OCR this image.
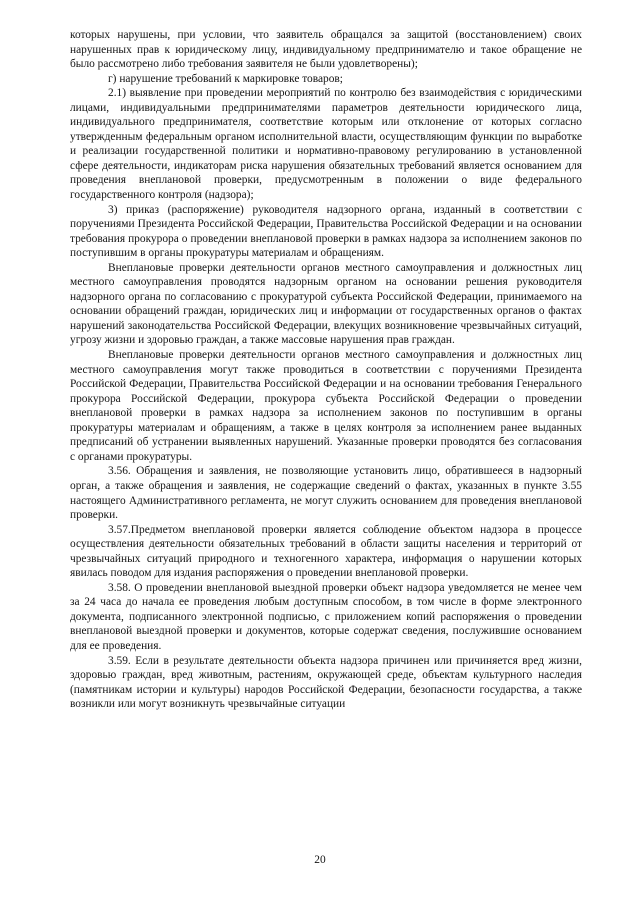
которых нарушены, при условии, что заявитель обращался за защитой (восстановлением) своих нарушенных прав к юридическому лицу, индивидуальному предпринимателю и такое обращение не было рассмотрено либо требования заявителя не были удовлетворены);

г) нарушение требований к маркировке товаров;

2.1) выявление при проведении мероприятий по контролю без взаимодействия с юридическими лицами, индивидуальными предпринимателями параметров деятельности юридического лица, индивидуального предпринимателя, соответствие которым или отклонение от которых согласно утвержденным федеральным органом исполнительной власти, осуществляющим функции по выработке и реализации государственной политики и нормативно-правовому регулированию в установленной сфере деятельности, индикаторам риска нарушения обязательных требований является основанием для проведения внеплановой проверки, предусмотренным в положении о виде федерального государственного контроля (надзора);

3) приказ (распоряжение) руководителя надзорного органа, изданный в соответствии с поручениями Президента Российской Федерации, Правительства Российской Федерации и на основании требования прокурора о проведении внеплановой проверки в рамках надзора за исполнением законов по поступившим в органы прокуратуры материалам и обращениям.

Внеплановые проверки деятельности органов местного самоуправления и должностных лиц местного самоуправления проводятся надзорным органом на основании решения руководителя надзорного органа по согласованию с прокуратурой субъекта Российской Федерации, принимаемого на основании обращений граждан, юридических лиц и информации от государственных органов о фактах нарушений законодательства Российской Федерации, влекущих возникновение чрезвычайных ситуаций, угрозу жизни и здоровью граждан, а также массовые нарушения прав граждан.

Внеплановые проверки деятельности органов местного самоуправления и должностных лиц местного самоуправления могут также проводиться в соответствии с поручениями Президента Российской Федерации, Правительства Российской Федерации и на основании требования Генерального прокурора Российской Федерации, прокурора субъекта Российской Федерации о проведении внеплановой проверки в рамках надзора за исполнением законов по поступившим в органы прокуратуры материалам и обращениям, а также в целях контроля за исполнением ранее выданных предписаний об устранении выявленных нарушений. Указанные проверки проводятся без согласования с органами прокуратуры.

3.56. Обращения и заявления, не позволяющие установить лицо, обратившееся в надзорный орган, а также обращения и заявления, не содержащие сведений о фактах, указанных в пункте 3.55 настоящего Административного регламента, не могут служить основанием для проведения внеплановой проверки.

3.57.Предметом внеплановой проверки является соблюдение объектом надзора в процессе осуществления деятельности обязательных требований в области защиты населения и территорий от чрезвычайных ситуаций природного и техногенного характера, информация о нарушении которых явилась поводом для издания распоряжения о проведении внеплановой проверки.

3.58. О проведении внеплановой выездной проверки объект надзора уведомляется не менее чем за 24 часа до начала ее проведения любым доступным способом, в том числе в форме электронного документа, подписанного электронной подписью, с приложением копий распоряжения о проведении внеплановой выездной проверки и документов, которые содержат сведения, послужившие основанием для ее проведения.

3.59. Если в результате деятельности объекта надзора причинен или причиняется вред жизни, здоровью граждан, вред животным, растениям, окружающей среде, объектам культурного наследия (памятникам истории и культуры) народов Российской Федерации, безопасности государства, а также возникли или могут возникнуть чрезвычайные ситуации

20
